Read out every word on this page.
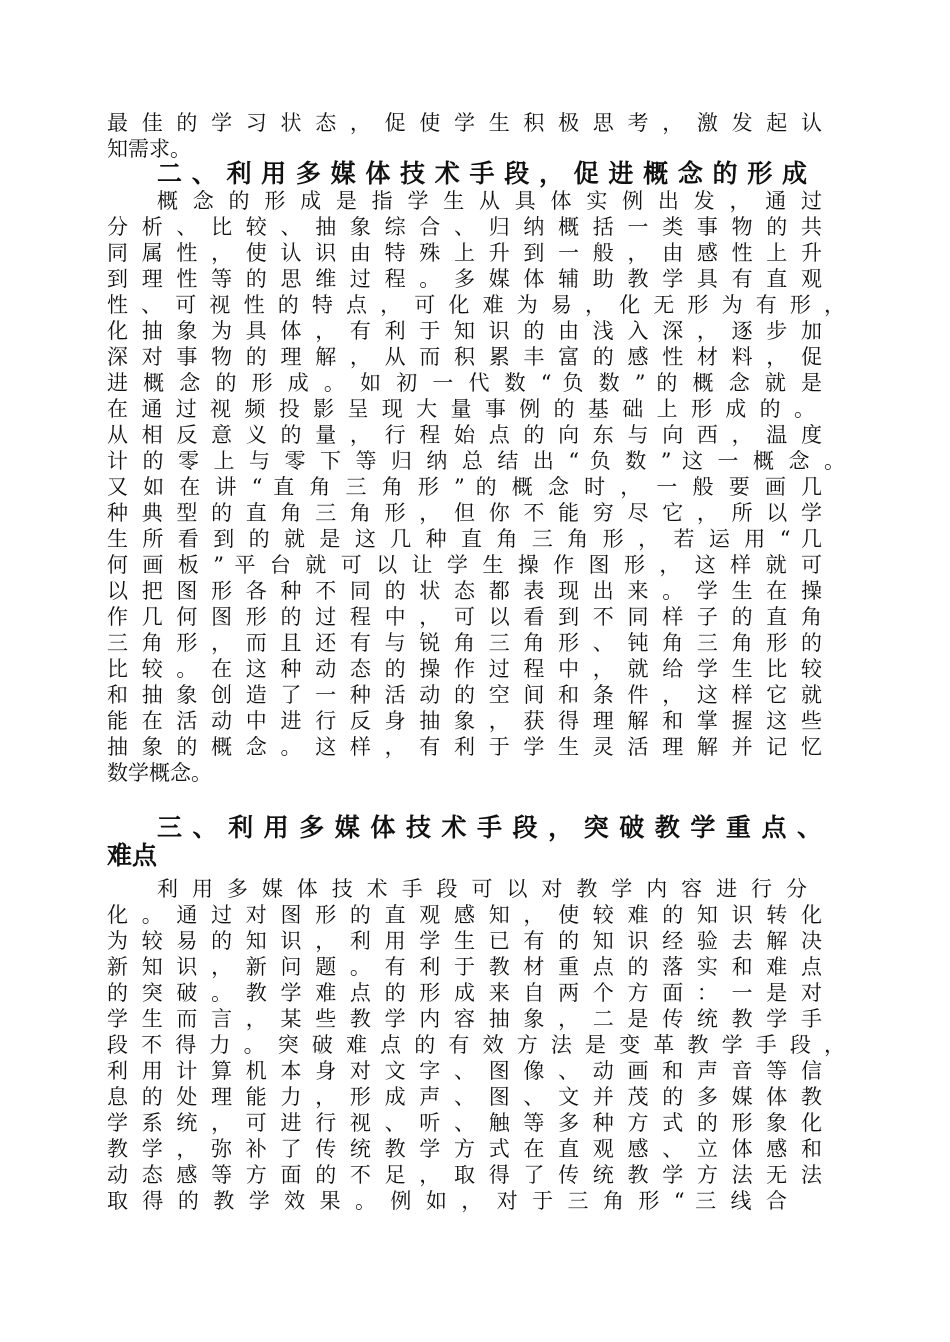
最 佳 的 学 习 状 态 ， 促 使 学 生 积 极 思 考 ， 激 发 起 认
知需求。
二 、 利 用 多 媒 体 技 术 手 段 ， 促 进 概 念 的 形 成
概 念 的 形 成 是 指 学 生 从 具 体 实 例 出 发 ， 通 过
分 析 、 比 较 、 抽 象 综 合 、 归 纳 概 括 一 类 事 物 的 共
同 属 性 ， 使 认 识 由 特 殊 上 升 到 一 般 ， 由 感 性 上 升
到 理 性 等 的 思 维 过 程 。 多 媒 体 辅 助 教 学 具 有 直 观
性 、 可 视 性 的 特 点 ， 可 化 难 为 易 ， 化 无 形 为 有 形 ，
化 抽 象 为 具 体 ， 有 利 于 知 识 的 由 浅 入 深 ， 逐 步 加
深 对 事 物 的 理 解 ， 从 而 积 累 丰 富 的 感 性 材 料 ， 促
进 概 念 的 形 成 。 如 初 一 代 数 “ 负 数 ” 的 概 念 就 是
在 通 过 视 频 投 影 呈 现 大 量 事 例 的 基 础 上 形 成 的 。
从 相 反 意 义 的 量 ， 行 程 始 点 的 向 东 与 向 西 ， 温 度
计 的 零 上 与 零 下 等 归 纳 总 结 出 “ 负 数 ” 这 一 概 念 。
又 如 在 讲 “ 直 角 三 角 形 ” 的 概 念 时 ， 一 般 要 画 几
种 典 型 的 直 角 三 角 形 ， 但 你 不 能 穷 尽 它 ， 所 以 学
生 所 看 到 的 就 是 这 几 种 直 角 三 角 形 ， 若 运 用 “ 几
何 画 板 ” 平 台 就 可 以 让 学 生 操 作 图 形 ， 这 样 就 可
以 把 图 形 各 种 不 同 的 状 态 都 表 现 出 来 。 学 生 在 操
作 几 何 图 形 的 过 程 中 ， 可 以 看 到 不 同 样 子 的 直 角
三 角 形 ， 而 且 还 有 与 锐 角 三 角 形 、 钝 角 三 角 形 的
比 较 。 在 这 种 动 态 的 操 作 过 程 中 ， 就 给 学 生 比 较
和 抽 象 创 造 了 一 种 活 动 的 空 间 和 条 件 ， 这 样 它 就
能 在 活 动 中 进 行 反 身 抽 象 ， 获 得 理 解 和 掌 握 这 些
抽 象 的 概 念 。 这 样 ， 有 利 于 学 生 灵 活 理 解 并 记 忆
数学概念。
三 、 利 用 多 媒 体 技 术 手 段 ， 突 破 教 学 重 点 、
难点
利 用 多 媒 体 技 术 手 段 可 以 对 教 学 内 容 进 行 分
化 。 通 过 对 图 形 的 直 观 感 知 ， 使 较 难 的 知 识 转 化
为 较 易 的 知 识 ， 利 用 学 生 已 有 的 知 识 经 验 去 解 决
新 知 识 ， 新 问 题 。 有 利 于 教 材 重 点 的 落 实 和 难 点
的 突 破 。 教 学 难 点 的 形 成 来 自 两 个 方 面 ： 一 是 对
学 生 而 言 ， 某 些 教 学 内 容 抽 象 ， 二 是 传 统 教 学 手
段 不 得 力 。 突 破 难 点 的 有 效 方 法 是 变 革 教 学 手 段 ，
利 用 计 算 机 本 身 对 文 字 、 图 像 、 动 画 和 声 音 等 信
息 的 处 理 能 力 ， 形 成 声 、 图 、 文 并 茂 的 多 媒 体 教
学 系 统 ， 可 进 行 视 、 听 、 触 等 多 种 方 式 的 形 象 化
教 学 ， 弥 补 了 传 统 教 学 方 式 在 直 观 感 、 立 体 感 和
动 态 感 等 方 面 的 不 足 ， 取 得 了 传 统 教 学 方 法 无 法
取 得 的 教 学 效 果 。 例 如 ， 对 于 三 角 形 “ 三 线 合
